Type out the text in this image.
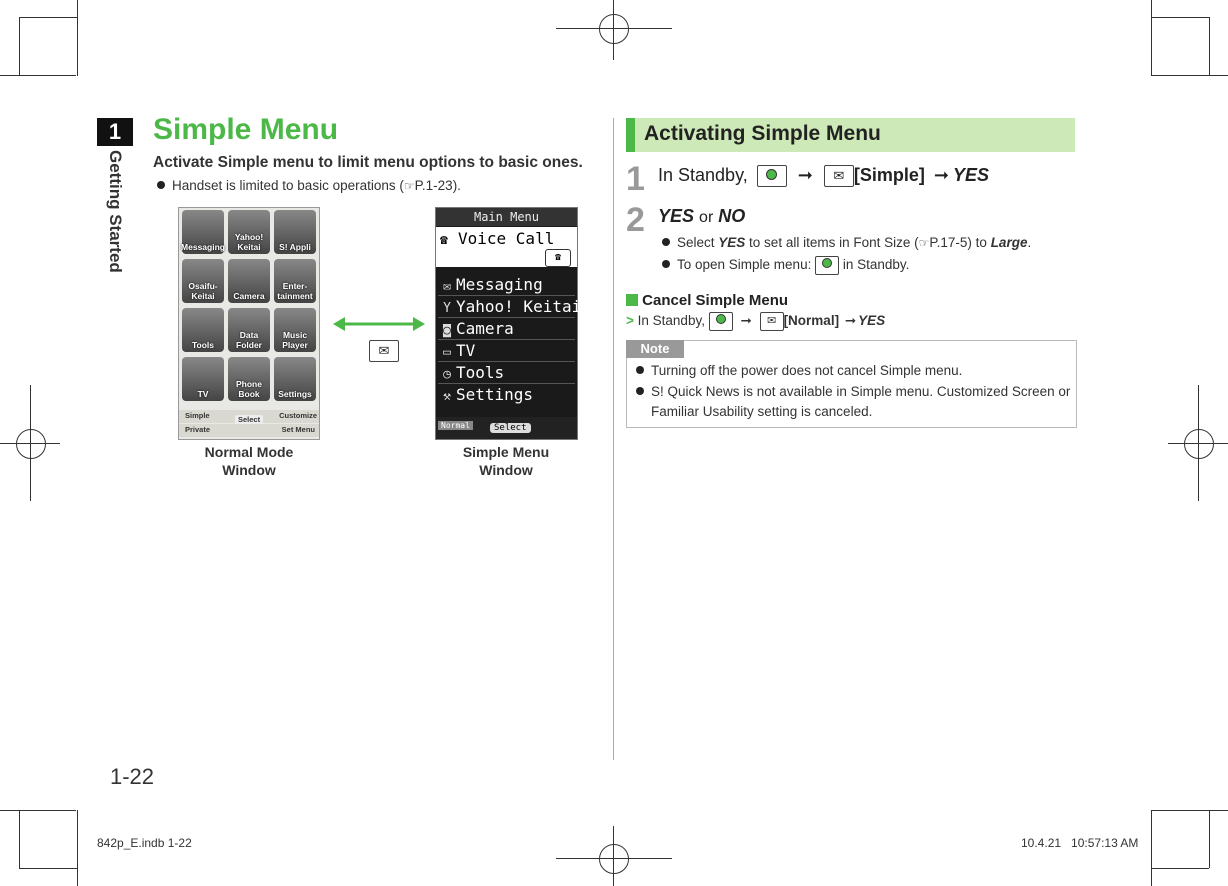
1
Getting Started
Simple Menu
Activate Simple menu to limit menu options to basic ones.
Handset is limited to basic operations (☞P.1-23).
Messaging
Yahoo! Keitai	S! Appli
Osaifu-Keitai	Camera
Enter-tainment
Tools
Data Folder
Music Player
TV
Phone Book	Settings
Simple	Select	Customize
Private	Set Menu
✉
Main Menu
☎ Voice Call
☎
✉ Messaging
Y Yahoo! Keitai
◙ Camera
▭ TV
◷ Tools
⚒ Settings
Normal	Select
Normal Mode
Window
Simple Menu
Window
1-22
Activating Simple Menu
1 In Standby,	➞ ✉ [Simple] ➞ YES
2 YES or NO
Select YES to set all items in Font Size (☞P.17-5) to Large.
To open Simple menu: in Standby.
Cancel Simple Menu
> In Standby,	➞ ✉ [Normal] ➞ YES
Note
Turning off the power does not cancel Simple menu.
S! Quick News is not available in Simple menu. Customized Screen or
Familiar Usability setting is canceled.
842p_E.indb 1-22	10.4.21   10:57:13 AM
